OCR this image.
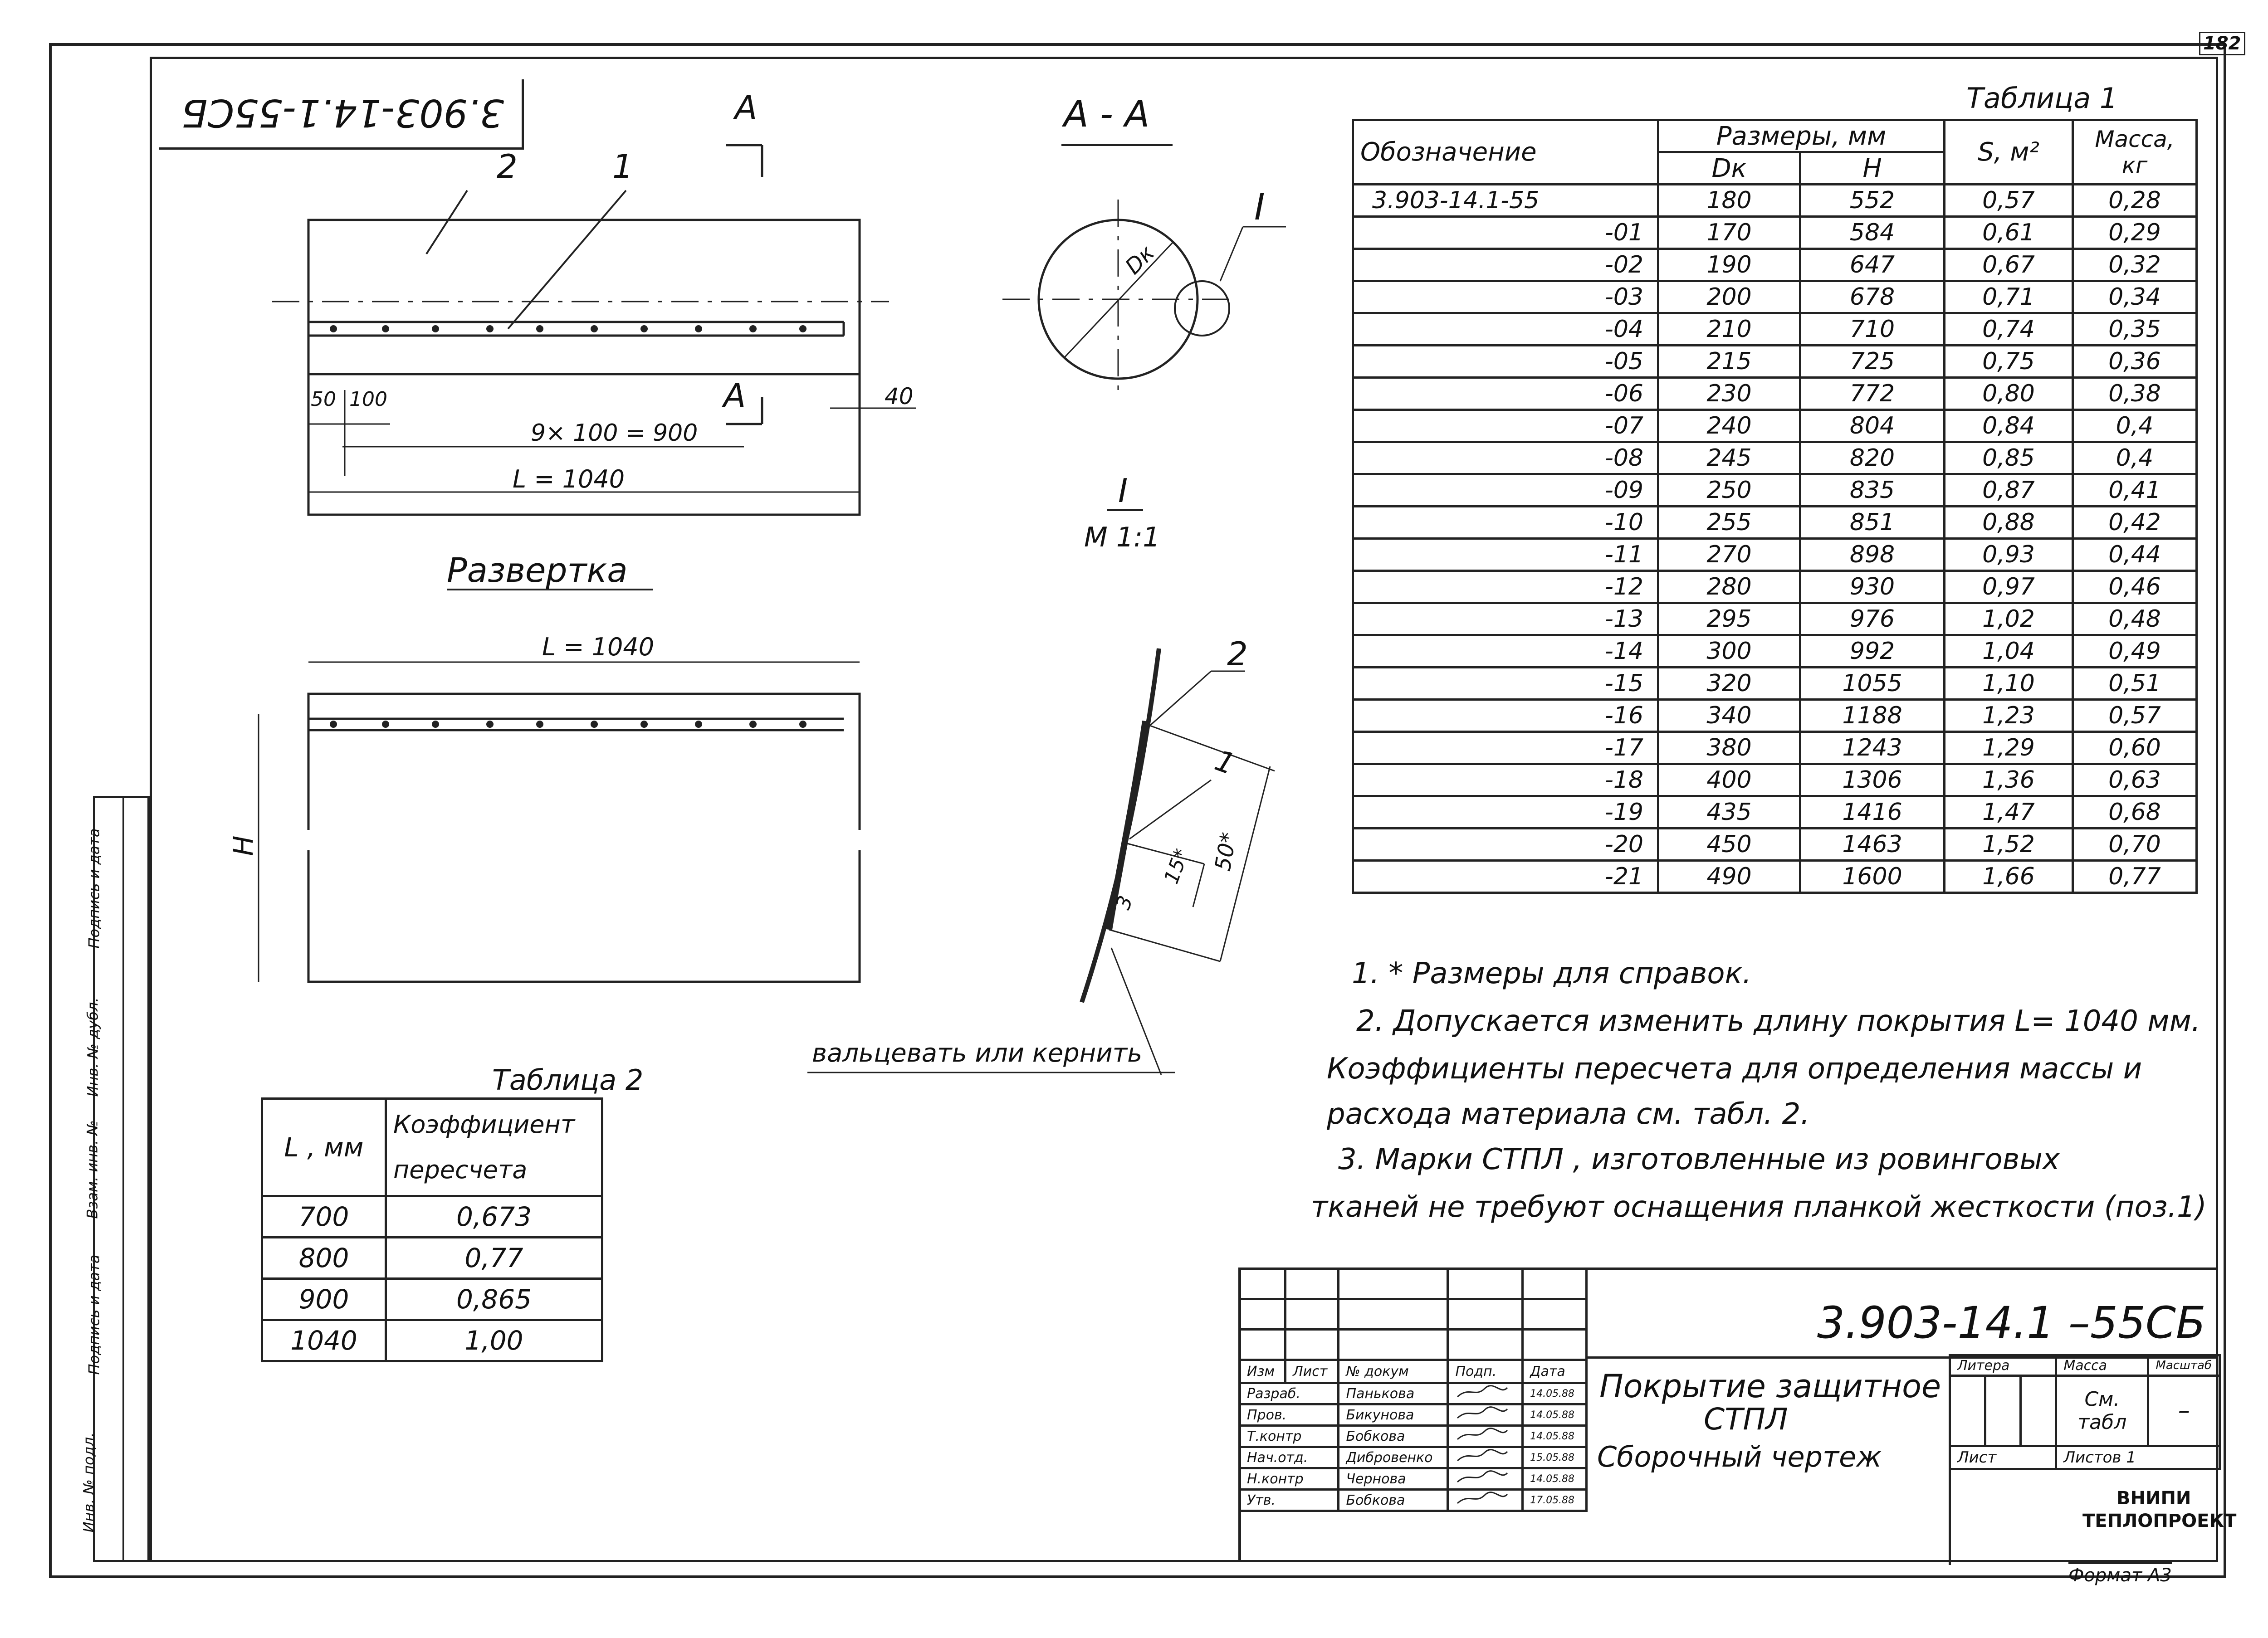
182
3.903-14.1-55СБ
Инв. № подл.
Подпись и дата
Взам. инв. №
Инв. № дубл.
Подпись и дата
А
А
2	1
50 100	40
9× 100 = 900
L = 1040
А - А
Dк
I
I
М 1:1
Развертка
L = 1040
Н
2
1
50*
15*
3
вальцевать или кернить
Таблица 1
Обозначение	Размеры, мм		S, м²	Масса, кг
	Dк	Н		
3.903-14.1-55	180	552	0,57	0,28
-01	170	584	0,61	0,29
-02	190	647	0,67	0,32
-03	200	678	0,71	0,34
-04	210	710	0,74	0,35
-05	215	725	0,75	0,36
-06	230	772	0,80	0,38
-07	240	804	0,84	0,4
-08	245	820	0,85	0,4
-09	250	835	0,87	0,41
-10	255	851	0,88	0,42
-11	270	898	0,93	0,44
-12	280	930	0,97	0,46
-13	295	976	1,02	0,48
-14	300	992	1,04	0,49
-15	320	1055	1,10	0,51
-16	340	1188	1,23	0,57
-17	380	1243	1,29	0,60
-18	400	1306	1,36	0,63
-19	435	1416	1,47	0,68
-20	450	1463	1,52	0,70
-21	490	1600	1,66	0,77
Таблица 2
L , мм	Коэффициент пересчета
700	0,673
800	0,77
900	0,865
1040	1,00
1. * Размеры для справок.
2. Допускается изменить длину покрытия L= 1040 мм.
Коэффициенты пересчета для определения массы и
расхода материала см. табл. 2.
3. Марки СТПЛ , изготовленные из ровинговых
тканей не требуют оснащения планкой жесткости (поз.1)

Изм	Лист	№ докум	Подп.	Дата
Разраб.		Панькова		14.05.88
Пров.		Бикунова		14.05.88
Т.контр		Бобкова		14.05.88
Нач.отд.		Дибровенко		15.05.88
Н.контр		Чернова		14.05.88
Утв.		Бобкова		17.05.88
3.903-14.1 –55СБ
Покрытие защитное
СТПЛ
Сборочный чертеж
Литера			Масса	Масштаб
			См. табл	–
Лист			Листов 1	
ВНИПИ
ТЕПЛОПРОЕКТ
Формат А3
